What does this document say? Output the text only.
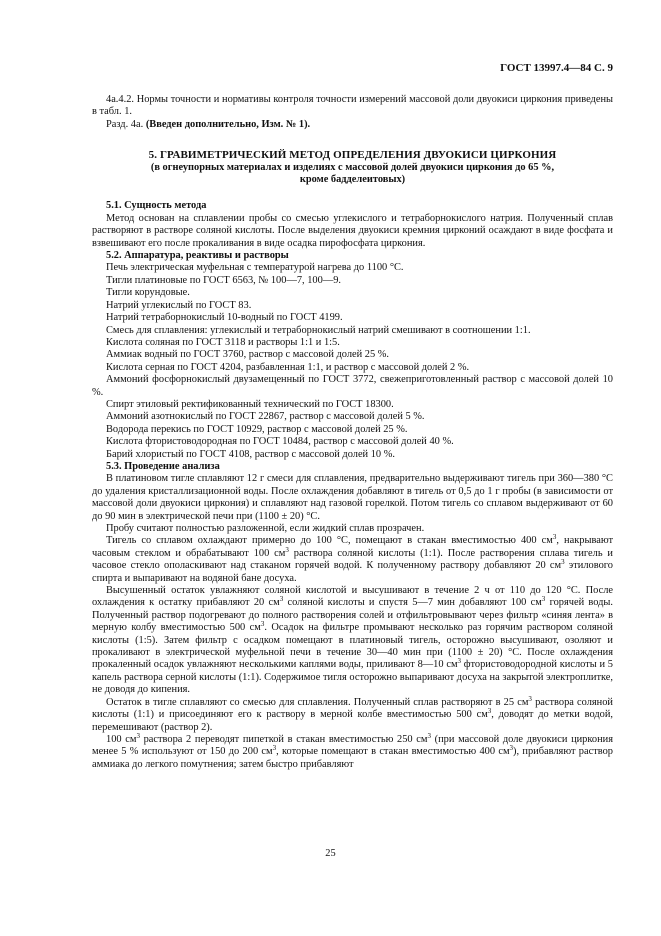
ГОСТ 13997.4—84 С. 9

4a.4.2. Нормы точности и нормативы контроля точности измерений массовой доли двуокиси циркония приведены в табл. 1.

Разд. 4a. (Введен дополнительно, Изм. № 1).

5. ГРАВИМЕТРИЧЕСКИЙ МЕТОД ОПРЕДЕЛЕНИЯ ДВУОКИСИ ЦИРКОНИЯ

(в огнеупорных материалах и изделиях с массовой долей двуокиси циркония до 65 %,

кроме бадделеитовых)

5.1. Сущность метода

Метод основан на сплавлении пробы со смесью углекислого и тетраборнокислого натрия. Полученный сплав растворяют в растворе соляной кислоты. После выделения двуокиси кремния цирконий осаждают в виде фосфата и взвешивают его после прокаливания в виде осадка пирофосфата циркония.

5.2. Аппаратура, реактивы и растворы

Печь электрическая муфельная с температурой нагрева до 1100 °С.

Тигли платиновые по ГОСТ 6563, № 100—7, 100—9.

Тигли корундовые.

Натрий углекислый по ГОСТ 83.

Натрий тетраборнокислый 10-водный по ГОСТ 4199.

Смесь для сплавления: углекислый и тетраборнокислый натрий смешивают в соотношении 1:1.

Кислота соляная по ГОСТ 3118 и растворы 1:1 и 1:5.

Аммиак водный по ГОСТ 3760, раствор с массовой долей 25 %.

Кислота серная по ГОСТ 4204, разбавленная 1:1, и раствор с массовой долей 2 %.

Аммоний фосфорнокислый двузамещенный по ГОСТ 3772, свежеприготовленный раствор с массовой долей 10 %.

Спирт этиловый ректификованный технический по ГОСТ 18300.

Аммоний азотнокислый по ГОСТ 22867, раствор с массовой долей 5 %.

Водорода перекись по ГОСТ 10929, раствор с массовой долей 25 %.

Кислота фтористоводородная по ГОСТ 10484, раствор с массовой долей 40 %.

Барий хлористый по ГОСТ 4108, раствор с массовой долей 10 %.

5.3. Проведение анализа

В платиновом тигле сплавляют 12 г смеси для сплавления, предварительно выдерживают тигель при 360—380 °С до удаления кристаллизационной воды. После охлаждения добавляют в тигель от 0,5 до 1 г пробы (в зависимости от массовой доли двуокиси циркония) и сплавляют над газовой горелкой. Потом тигель со сплавом выдерживают от 60 до 90 мин в электрической печи при (1100 ± 20) °С.

Пробу считают полностью разложенной, если жидкий сплав прозрачен.

Тигель со сплавом охлаждают примерно до 100 °С, помещают в стакан вместимостью 400 $см^3$, накрывают часовым стеклом и обрабатывают 100 $см^3$ раствора соляной кислоты (1:1). После растворения сплава тигель и часовое стекло ополаскивают над стаканом горячей водой. К полученному раствору добавляют 20 $см^3$ этилового спирта и выпаривают на водяной бане досуха.

Высушенный остаток увлажняют соляной кислотой и высушивают в течение 2 ч от 110 до 120 °С. После охлаждения к остатку прибавляют 20 $см^3$ соляной кислоты и спустя 5—7 мин добавляют 100 $см^3$ горячей воды. Полученный раствор подогревают до полного растворения солей и отфильтровывают через фильтр «синяя лента» в мерную колбу вместимостью 500 $см^3$. Осадок на фильтре промывают несколько раз горячим раствором соляной кислоты (1:5). Затем фильтр с осадком помещают в платиновый тигель, осторожно высушивают, озоляют и прокаливают в электрической муфельной печи в течение 30—40 мин при (1100 ± 20) °С. После охлаждения прокаленный осадок увлажняют несколькими каплями воды, приливают 8—10 $см^3$ фтористоводородной кислоты и 5 капель раствора серной кислоты (1:1). Содержимое тигля осторожно выпаривают досуха на закрытой электроплитке, не доводя до кипения.

Остаток в тигле сплавляют со смесью для сплавления. Полученный сплав растворяют в 25 $см^3$ раствора соляной кислоты (1:1) и присоединяют его к раствору в мерной колбе вместимостью 500 $см^3$, доводят до метки водой, перемешивают (раствор 2).

100 $см^3$ раствора 2 переводят пипеткой в стакан вместимостью 250 $см^3$ (при массовой доле двуокиси циркония менее 5 % используют от 150 до 200 $см^3$, которые помещают в стакан вместимостью 400 $см^3$), прибавляют раствор аммиака до легкого помутнения; затем быстро прибавляют

25
